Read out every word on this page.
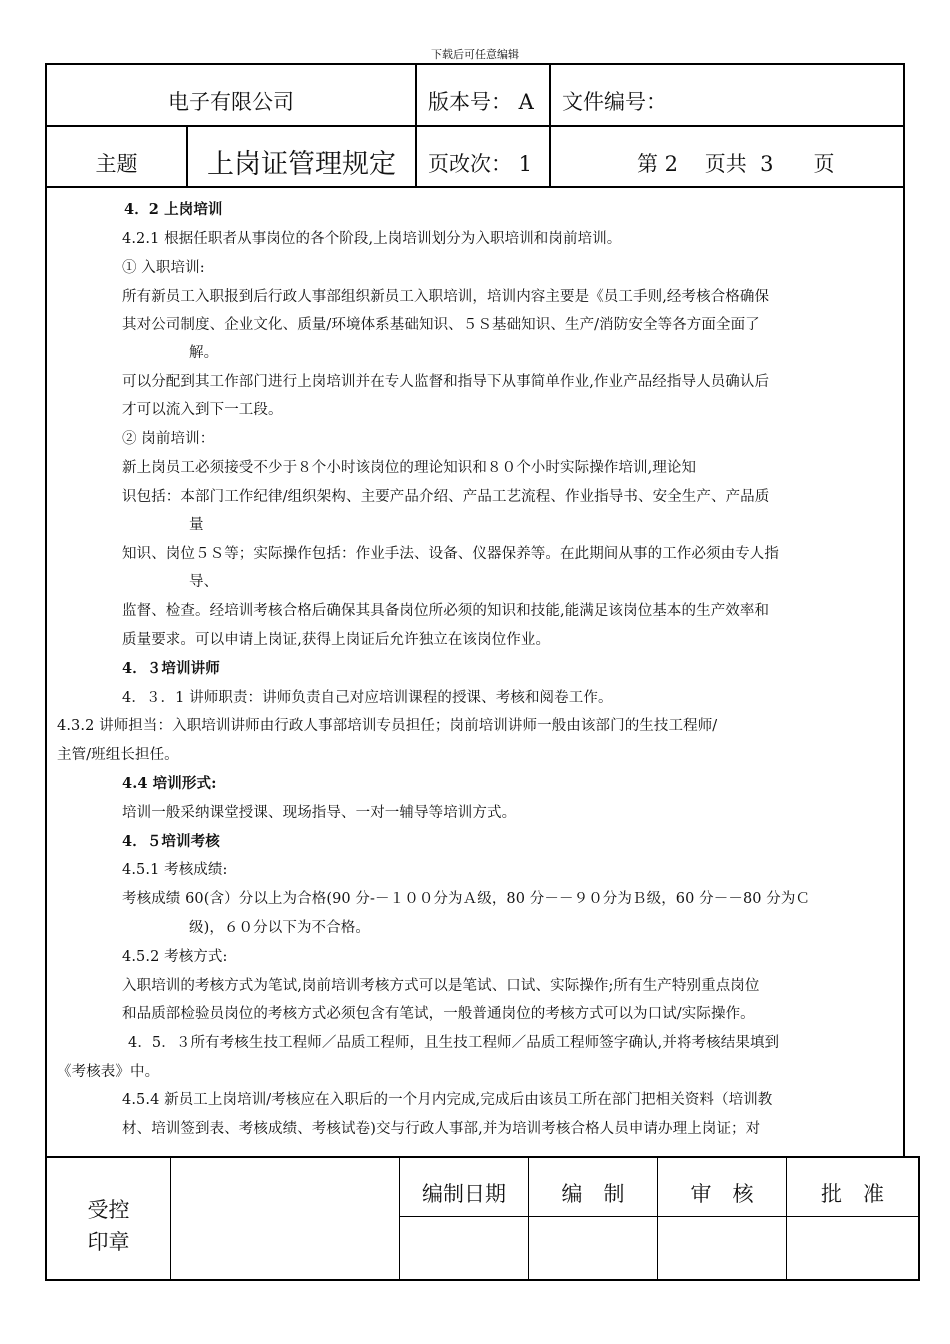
下载后可任意编辑
电子有限公司	版本号： A 文件编号：
主题	上岗证管理规定	页改次： 1	第 2    页共  3      页
4．2 上岗培训
4.2.1 根据任职者从事岗位的各个阶段,上岗培训划分为入职培训和岗前培训。
① 入职培训:
所有新员工入职报到后行政人事部组织新员工入职培训，培训内容主要是《员工手则,经考核合格确保
其对公司制度、企业文化、质量/环境体系基础知识、５Ｓ基础知识、生产/消防安全等各方面全面了
解。
可以分配到其工作部门进行上岗培训并在专人监督和指导下从事简单作业,作业产品经指导人员确认后
才可以流入到下一工段。
② 岗前培训：
新上岗员工必须接受不少于８个小时该岗位的理论知识和８０个小时实际操作培训,理论知
识包括：本部门工作纪律/组织架构、主要产品介绍、产品工艺流程、作业指导书、安全生产、产品质
量
知识、岗位５Ｓ等；实际操作包括：作业手法、设备、仪器保养等。在此期间从事的工作必须由专人指
导、
监督、检查。经培训考核合格后确保其具备岗位所必须的知识和技能,能满足该岗位基本的生产效率和
质量要求。可以申请上岗证,获得上岗证后允许独立在该岗位作业。
4．３培训讲师
4．３．1 讲师职责：讲师负责自己对应培训课程的授课、考核和阅卷工作。
4.3.2 讲师担当：入职培训讲师由行政人事部培训专员担任；岗前培训讲师一般由该部门的生技工程师/
主管/班组长担任。
4.4 培训形式:
培训一般采纳课堂授课、现场指导、一对一辅导等培训方式。
4．５培训考核
4.5.1 考核成绩:
考核成绩 60(含）分以上为合格(90 分-－１００分为Ａ级，80 分－－９０分为Ｂ级，60 分－－80 分为Ｃ
级)，６０分以下为不合格。
4.5.2 考核方式:
入职培训的考核方式为笔试,岗前培训考核方式可以是笔试、口试、实际操作;所有生产特别重点岗位
和品质部检验员岗位的考核方式必须包含有笔试，一般普通岗位的考核方式可以为口试/实际操作。
4．5．３所有考核生技工程师／品质工程师，且生技工程师／品质工程师签字确认,并将考核结果填到
《考核表》中。
4.5.4 新员工上岗培训/考核应在入职后的一个月内完成,完成后由该员工所在部门把相关资料（培训教
材、培训签到表、考核成绩、考核试卷)交与行政人事部,并为培训考核合格人员申请办理上岗证；对
受控
印章
编制日期	编　制	审　核	批　准
